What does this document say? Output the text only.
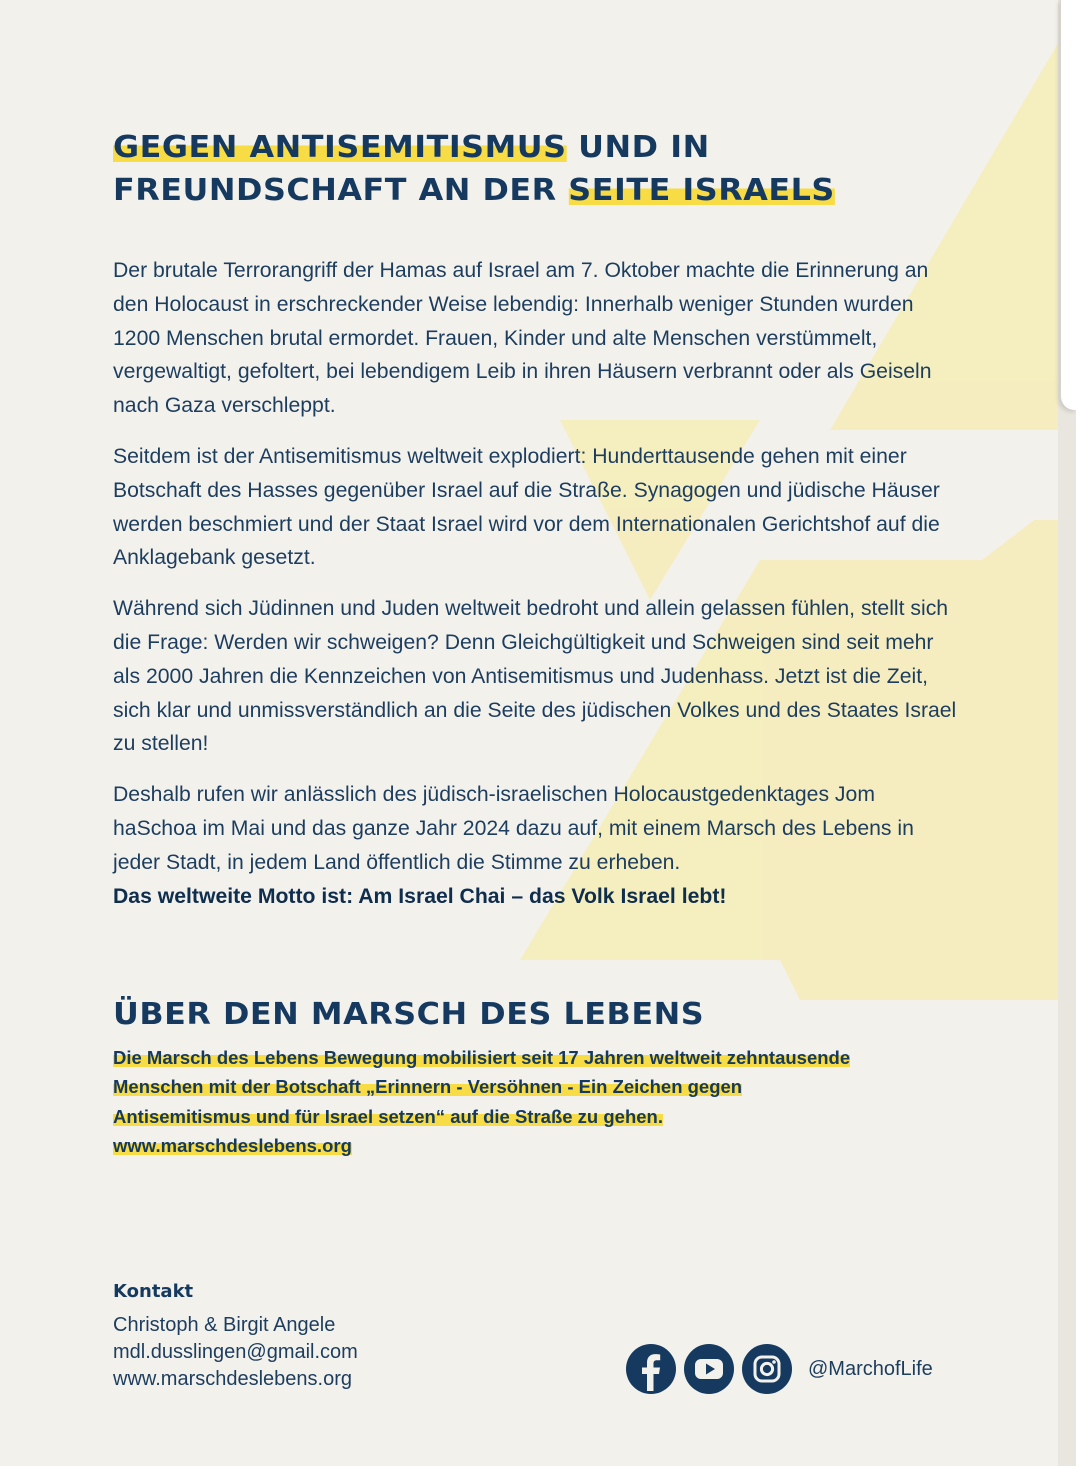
GEGEN ANTISEMITISMUS UND IN
FREUNDSCHAFT AN DER SEITE ISRAELS

Der brutale Terrorangriff der Hamas auf Israel am 7. Oktober machte die Erinnerung an den Holocaust in erschreckender Weise lebendig: Innerhalb weniger Stunden wurden 1200 Menschen brutal ermordet. Frauen, Kinder und alte Menschen verstümmelt, vergewaltigt, gefoltert, bei lebendigem Leib in ihren Häusern verbrannt oder als Geiseln nach Gaza verschleppt.

Seitdem ist der Antisemitismus weltweit explodiert: Hunderttausende gehen mit einer Botschaft des Hasses gegenüber Israel auf die Straße. Synagogen und jüdische Häuser werden beschmiert und der Staat Israel wird vor dem Internationalen Gerichtshof auf die Anklagebank gesetzt.

Während sich Jüdinnen und Juden weltweit bedroht und allein gelassen fühlen, stellt sich die Frage: Werden wir schweigen? Denn Gleichgültigkeit und Schweigen sind seit mehr als 2000 Jahren die Kennzeichen von Antisemitismus und Judenhass. Jetzt ist die Zeit, sich klar und unmissverständlich an die Seite des jüdischen Volkes und des Staates Israel zu stellen!

Deshalb rufen wir anlässlich des jüdisch-israelischen Holocaustgedenktages Jom haSchoa im Mai und das ganze Jahr 2024 dazu auf, mit einem Marsch des Lebens in jeder Stadt, in jedem Land öffentlich die Stimme zu erheben.
Das weltweite Motto ist: Am Israel Chai – das Volk Israel lebt!

ÜBER DEN MARSCH DES LEBENS
Die Marsch des Lebens Bewegung mobilisiert seit 17 Jahren weltweit zehntausende
Menschen mit der Botschaft „Erinnern - Versöhnen - Ein Zeichen gegen
Antisemitismus und für Israel setzen“ auf die Straße zu gehen.
www.marschdeslebens.org
Kontakt
Christoph & Birgit Angele
mdl.dusslingen@gmail.com
www.marschdeslebens.org	@MarchofLife
